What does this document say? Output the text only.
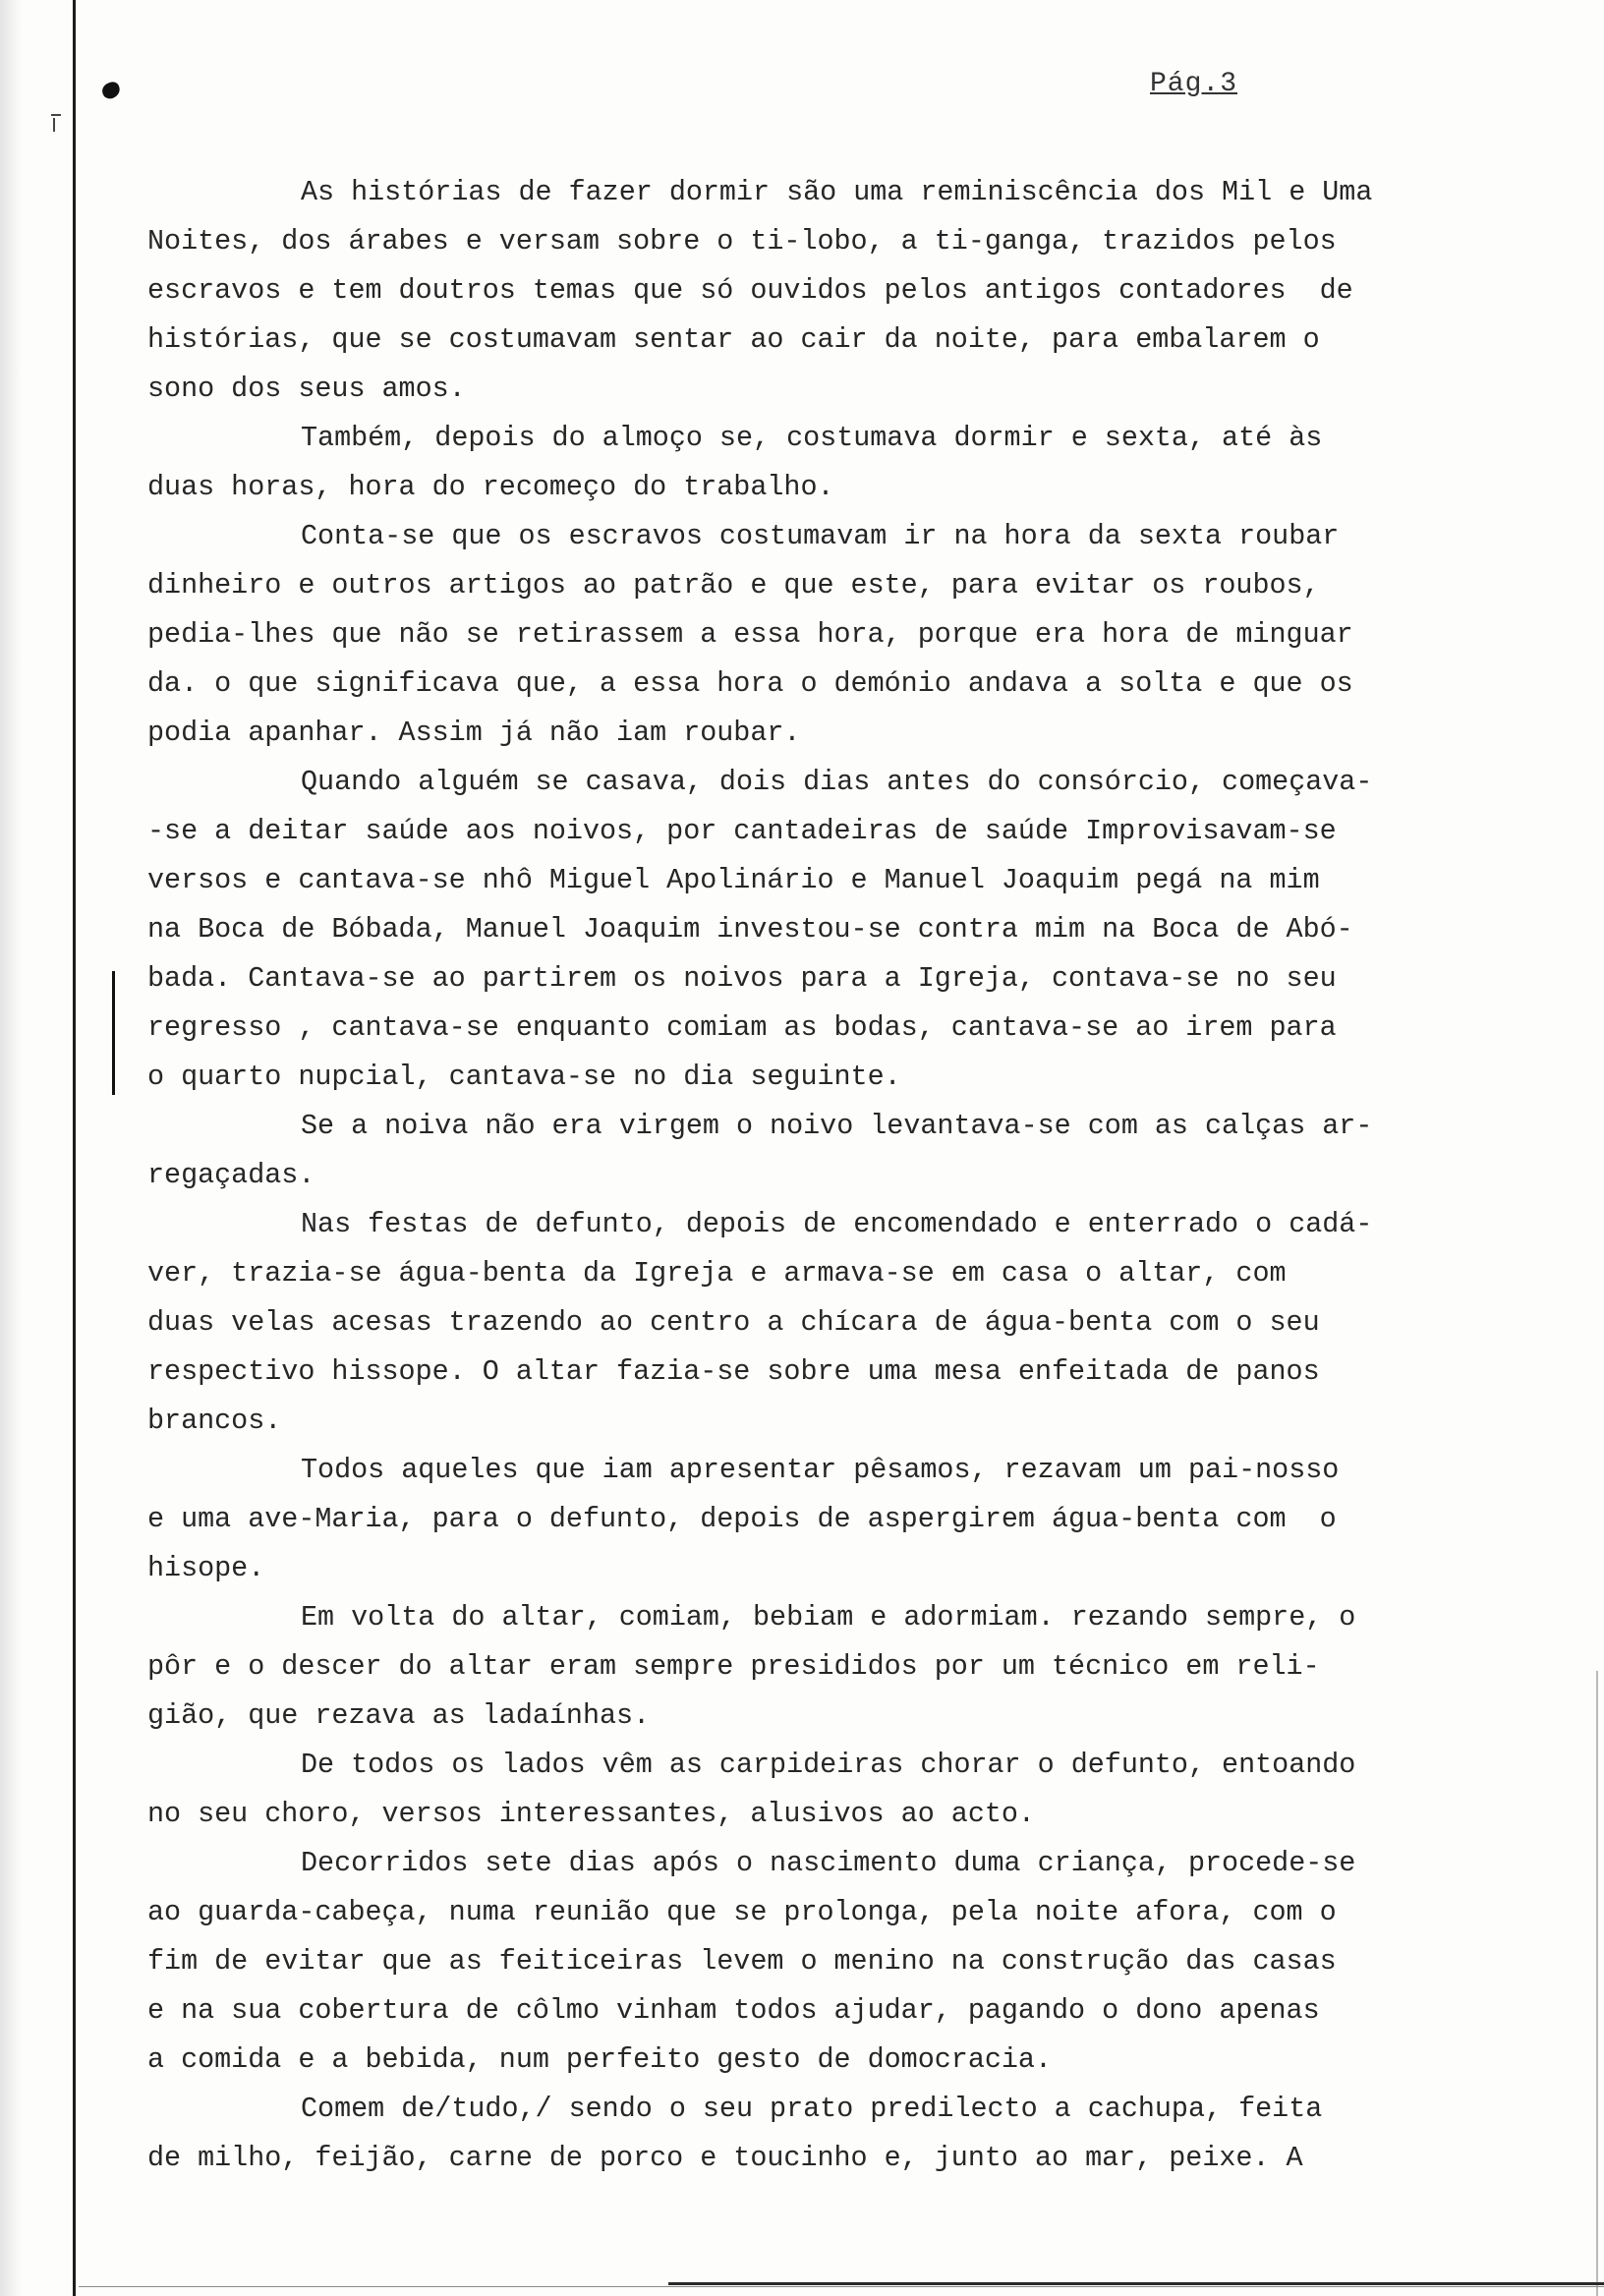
Pág.3
As histórias de fazer dormir são uma reminiscência dos Mil e Uma
Noites, dos árabes e versam sobre o ti-lobo, a ti-ganga, trazidos pelos
escravos e tem doutros temas que só ouvidos pelos antigos contadores  de
histórias, que se costumavam sentar ao cair da noite, para embalarem o
sono dos seus amos.
Também, depois do almoço se, costumava dormir e sexta, até às
duas horas, hora do recomeço do trabalho.
Conta-se que os escravos costumavam ir na hora da sexta roubar
dinheiro e outros artigos ao patrão e que este, para evitar os roubos,
pedia-lhes que não se retirassem a essa hora, porque era hora de minguar
da. o que significava que, a essa hora o demónio andava a solta e que os
podia apanhar. Assim já não iam roubar.
Quando alguém se casava, dois dias antes do consórcio, começava-
-se a deitar saúde aos noivos, por cantadeiras de saúde Improvisavam-se
versos e cantava-se nhô Miguel Apolinário e Manuel Joaquim pegá na mim
na Boca de Bóbada, Manuel Joaquim investou-se contra mim na Boca de Abó-
bada. Cantava-se ao partirem os noivos para a Igreja, contava-se no seu
regresso , cantava-se enquanto comiam as bodas, cantava-se ao irem para
o quarto nupcial, cantava-se no dia seguinte.
Se a noiva não era virgem o noivo levantava-se com as calças ar-
regaçadas.
Nas festas de defunto, depois de encomendado e enterrado o cadá-
ver, trazia-se água-benta da Igreja e armava-se em casa o altar, com
duas velas acesas trazendo ao centro a chícara de água-benta com o seu
respectivo hissope. O altar fazia-se sobre uma mesa enfeitada de panos
brancos.
Todos aqueles que iam apresentar pêsamos, rezavam um pai-nosso
e uma ave-Maria, para o defunto, depois de aspergirem água-benta com  o
hisope.
Em volta do altar, comiam, bebiam e adormiam. rezando sempre, o
pôr e o descer do altar eram sempre presididos por um técnico em reli-
gião, que rezava as ladaínhas.
De todos os lados vêm as carpideiras chorar o defunto, entoando
no seu choro, versos interessantes, alusivos ao acto.
Decorridos sete dias após o nascimento duma criança, procede-se
ao guarda-cabeça, numa reunião que se prolonga, pela noite afora, com o
fim de evitar que as feiticeiras levem o menino na construção das casas
e na sua cobertura de côlmo vinham todos ajudar, pagando o dono apenas
a comida e a bebida, num perfeito gesto de domocracia.
Comem de/tudo,/ sendo o seu prato predilecto a cachupa, feita
de milho, feijão, carne de porco e toucinho e, junto ao mar, peixe. A
